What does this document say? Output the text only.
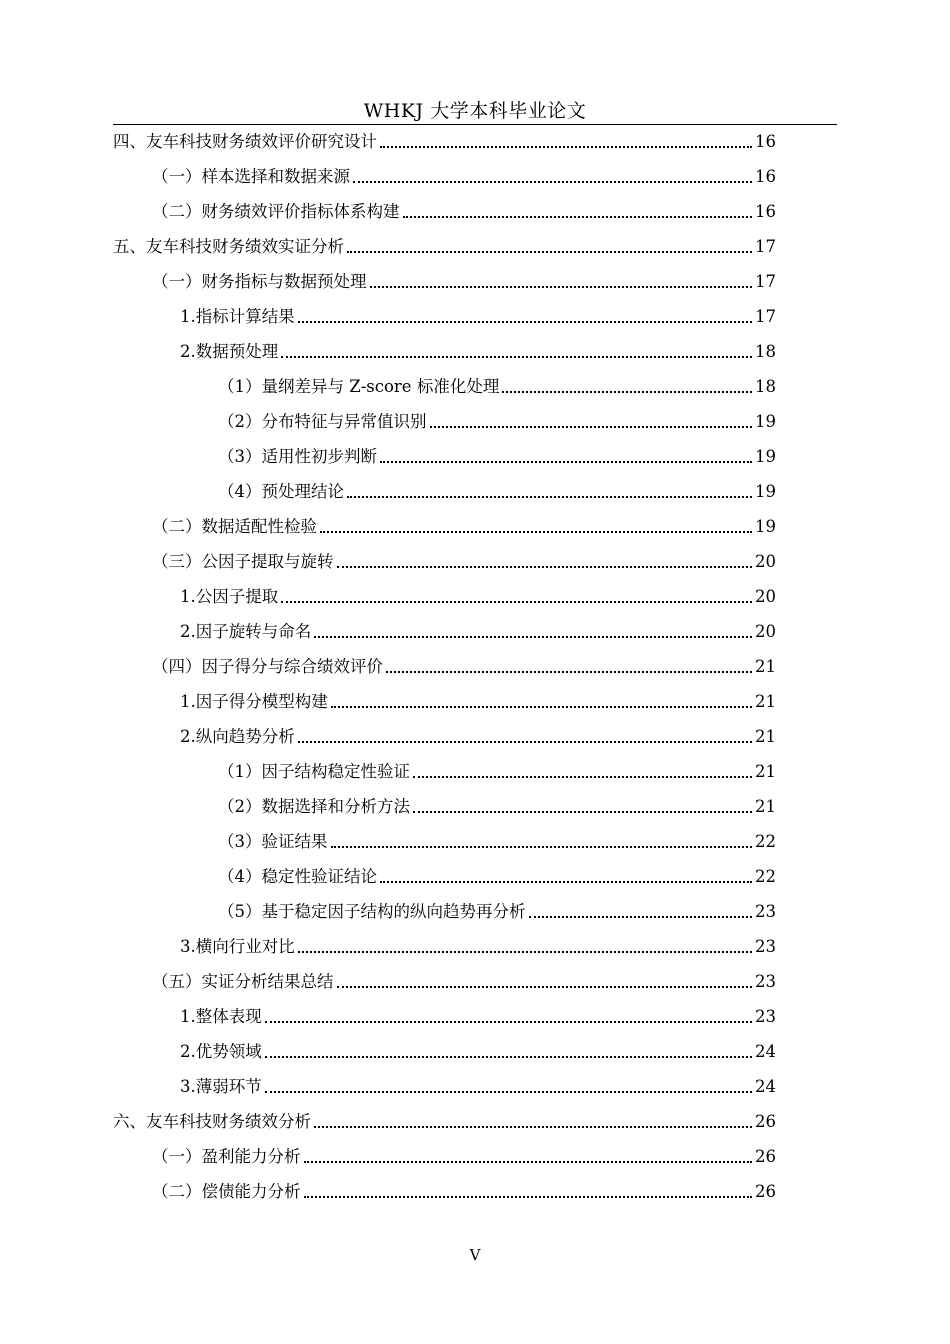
WHKJ 大学本科毕业论文
四、友车科技财务绩效评价研究设计	16
（一）样本选择和数据来源	16
（二）财务绩效评价指标体系构建	16
五、友车科技财务绩效实证分析	17
（一）财务指标与数据预处理	17
1.指标计算结果	17
2.数据预处理	18
（1）量纲差异与 Z-score 标准化处理	18
（2）分布特征与异常值识别	19
（3）适用性初步判断	19
（4）预处理结论	19
（二）数据适配性检验	19
（三）公因子提取与旋转	20
1.公因子提取	20
2.因子旋转与命名	20
（四）因子得分与综合绩效评价	21
1.因子得分模型构建	21
2.纵向趋势分析	21
（1）因子结构稳定性验证	21
（2）数据选择和分析方法	21
（3）验证结果	22
（4）稳定性验证结论	22
（5）基于稳定因子结构的纵向趋势再分析	23
3.横向行业对比	23
（五）实证分析结果总结	23
1.整体表现	23
2.优势领域	24
3.薄弱环节	24
六、友车科技财务绩效分析	26
（一）盈利能力分析	26
（二）偿债能力分析	26
V
